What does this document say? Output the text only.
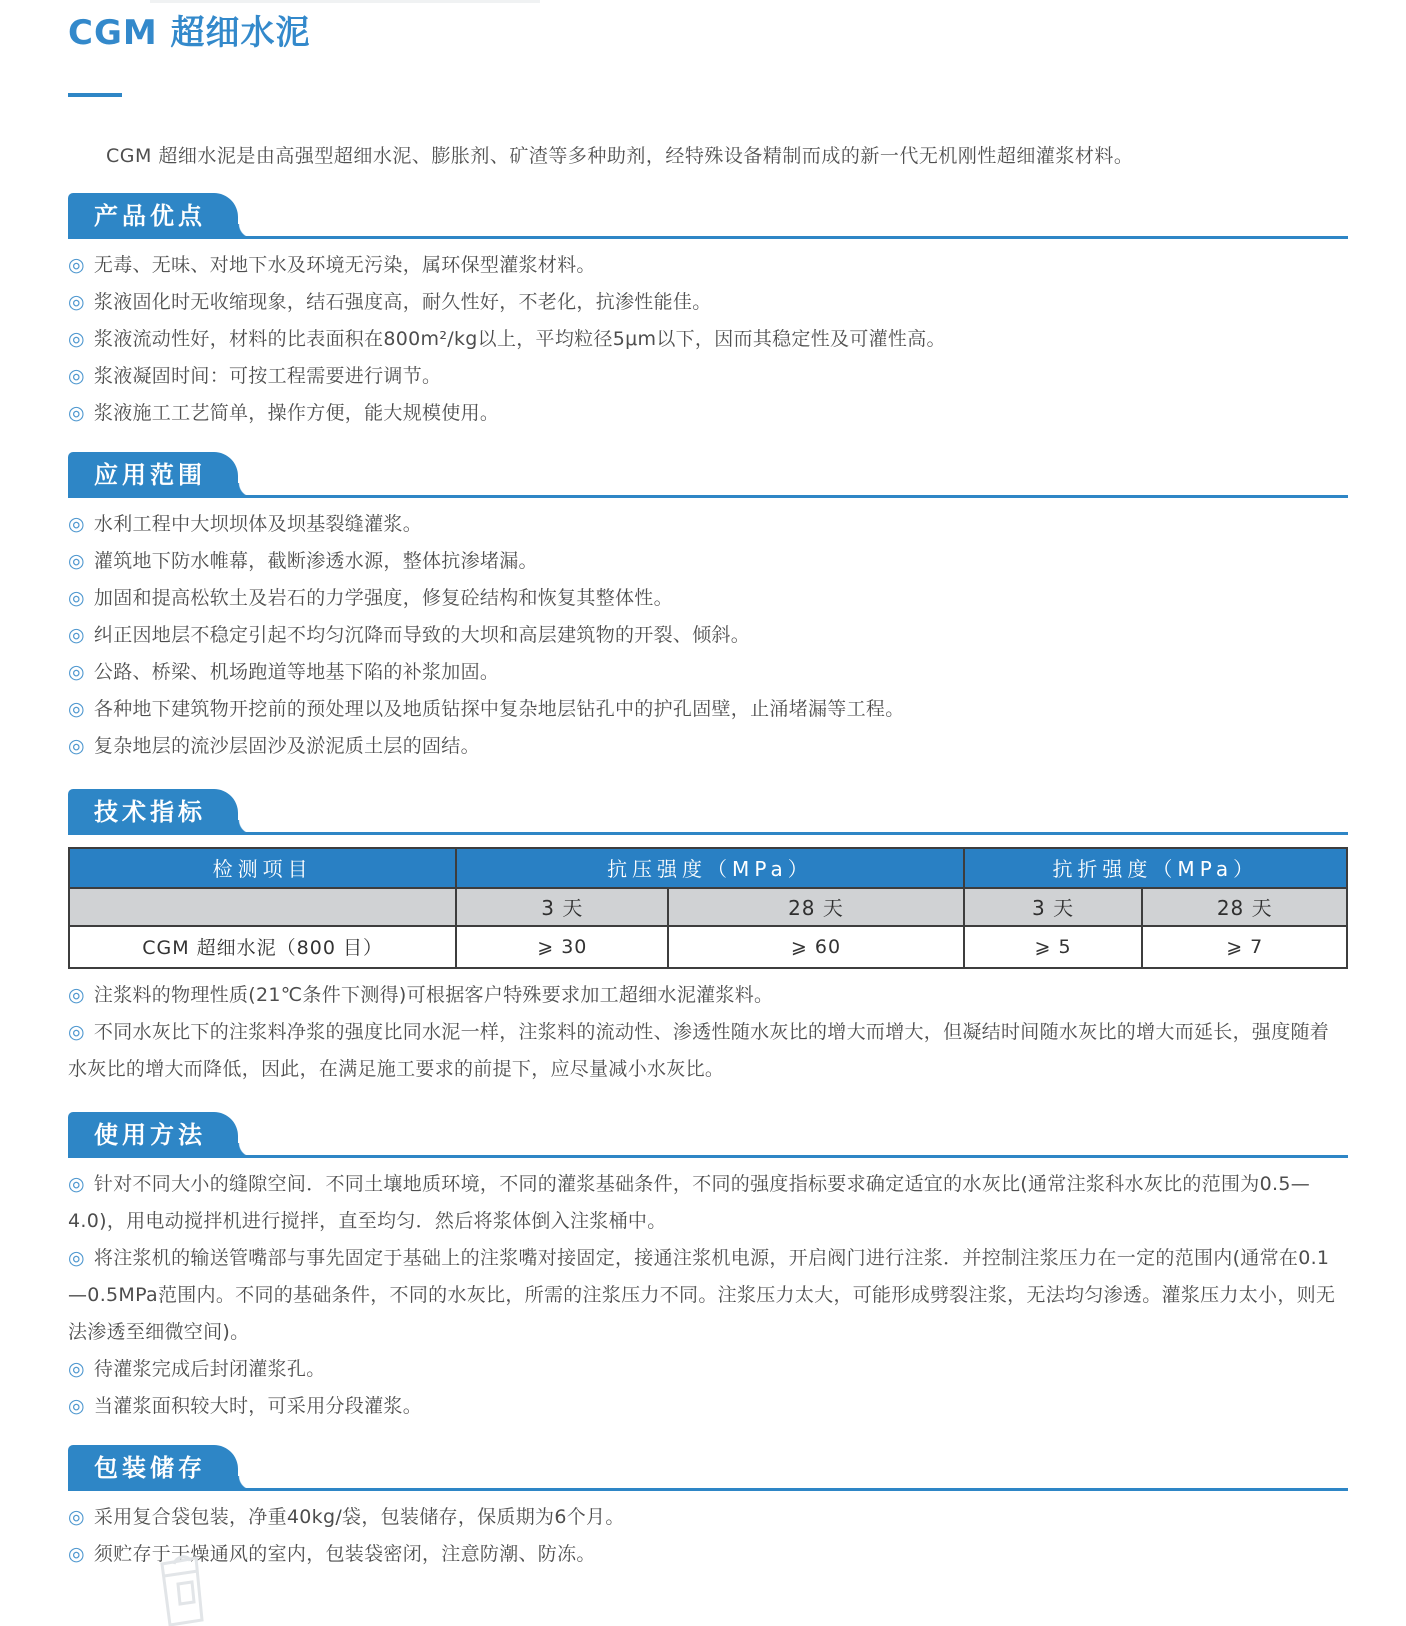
CGM 超细水泥

CGM 超细水泥是由高强型超细水泥、膨胀剂、矿渣等多种助剂，经特殊设备精制而成的新一代无机刚性超细灌浆材料。

产品优点
◎ 无毒、无味、对地下水及环境无污染，属环保型灌浆材料。
◎ 浆液固化时无收缩现象，结石强度高，耐久性好，不老化，抗渗性能佳。
◎ 浆液流动性好，材料的比表面积在800m²/kg以上，平均粒径5μm以下，因而其稳定性及可灌性高。
◎ 浆液凝固时间：可按工程需要进行调节。
◎ 浆液施工工艺简单，操作方便，能大规模使用。
应用范围
◎ 水利工程中大坝坝体及坝基裂缝灌浆。
◎ 灌筑地下防水帷幕，截断渗透水源，整体抗渗堵漏。
◎ 加固和提高松软土及岩石的力学强度，修复砼结构和恢复其整体性。
◎ 纠正因地层不稳定引起不均匀沉降而导致的大坝和高层建筑物的开裂、倾斜。
◎ 公路、桥梁、机场跑道等地基下陷的补浆加固。
◎ 各种地下建筑物开挖前的预处理以及地质钻探中复杂地层钻孔中的护孔固壁，止涌堵漏等工程。
◎ 复杂地层的流沙层固沙及淤泥质土层的固结。
技术指标
检测项目	抗压强度（MPa）		抗折强度（MPa）	
	3 天	28 天	3 天	28 天
CGM 超细水泥（800 目）	⩾ 30	⩾ 60	⩾ 5	⩾ 7
◎ 注浆料的物理性质(21℃条件下测得)可根据客户特殊要求加工超细水泥灌浆料。
◎ 不同水灰比下的注浆料净浆的强度比同水泥一样，注浆料的流动性、渗透性随水灰比的增大而增大，但凝结时间随水灰比的增大而延长，强度随着水灰比的增大而降低，因此，在满足施工要求的前提下，应尽量减小水灰比。
使用方法
◎ 针对不同大小的缝隙空间．不同土壤地质环境，不同的灌浆基础条件，不同的强度指标要求确定适宜的水灰比(通常注浆科水灰比的范围为0.5—4.0)，用电动搅拌机进行搅拌，直至均匀．然后将浆体倒入注浆桶中。
◎ 将注浆机的输送管嘴部与事先固定于基础上的注浆嘴对接固定，接通注浆机电源，开启阀门进行注浆．并控制注浆压力在一定的范围内(通常在0.1—0.5MPa范围内。不同的基础条件，不同的水灰比，所需的注浆压力不同。注浆压力太大，可能形成劈裂注浆，无法均匀渗透。灌浆压力太小，则无法渗透至细微空间)。
◎ 待灌浆完成后封闭灌浆孔。
◎ 当灌浆面积较大时，可采用分段灌浆。
包装储存
◎ 采用复合袋包装，净重40kg/袋，包装储存，保质期为6个月。
◎ 须贮存于干燥通风的室内，包装袋密闭，注意防潮、防冻。
